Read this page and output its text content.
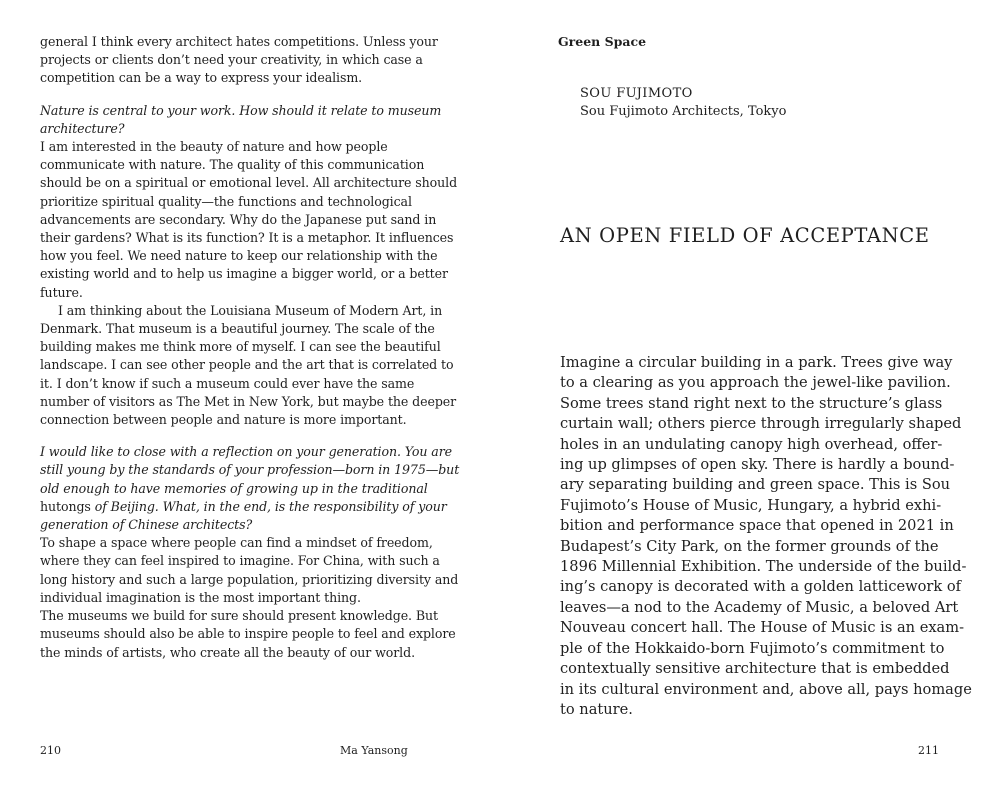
general I think every architect hates competitions. Unless your projects or clients don’t need your creativity, in which case a competition can be a way to express your idealism.

Nature is central to your work. How should it relate to museum architecture?

I am interested in the beauty of nature and how people communicate with nature. The quality of this communication should be on a spiritual or emotional level. All architecture should prioritize spiritual quality—the functions and technological advancements are secondary. Why do the Japanese put sand in their gardens? What is its function? It is a metaphor. It influences how you feel. We need nature to keep our relationship with the existing world and to help us imagine a bigger world, or a better future.

I am thinking about the Louisiana Museum of Modern Art, in Denmark. That museum is a beautiful journey. The scale of the building makes me think more of myself. I can see the beautiful landscape. I can see other people and the art that is correlated to it. I don’t know if such a museum could ever have the same number of visitors as The Met in New York, but maybe the deeper connection between people and nature is more important.

I would like to close with a reflection on your generation. You are still young by the standards of your profession—born in 1975—but old enough to have memories of growing up in the traditional hutongs of Beijing. What, in the end, is the responsibility of your generation of Chinese architects?

To shape a space where people can find a mindset of freedom, where they can feel inspired to imagine. For China, with such a long history and such a large population, prioritizing diversity and individual imagination is the most important thing.

The museums we build for sure should present knowledge. But museums should also be able to inspire people to feel and explore the minds of artists, who create all the beauty of our world.

210	Ma Yansong
Green Space
SOU FUJIMOTO
Sou Fujimoto Architects, Tokyo
AN OPEN FIELD OF ACCEPTANCE
Imagine a circular building in a park. Trees give way
to a clearing as you approach the jewel-like pavilion.
Some trees stand right next to the structure’s glass
curtain wall; others pierce through irregularly shaped
holes in an undulating canopy high overhead, offer-
ing up glimpses of open sky. There is hardly a bound-
ary separating building and green space. This is Sou
Fujimoto’s House of Music, Hungary, a hybrid exhi-
bition and performance space that opened in 2021 in
Budapest’s City Park, on the former grounds of the
1896 Millennial Exhibition. The underside of the build-
ing’s canopy is decorated with a golden latticework of
leaves—a nod to the Academy of Music, a beloved Art
Nouveau concert hall. The House of Music is an exam-
ple of the Hokkaido-born Fujimoto’s commitment to
contextually sensitive architecture that is embedded
in its cultural environment and, above all, pays homage
to nature.
211
